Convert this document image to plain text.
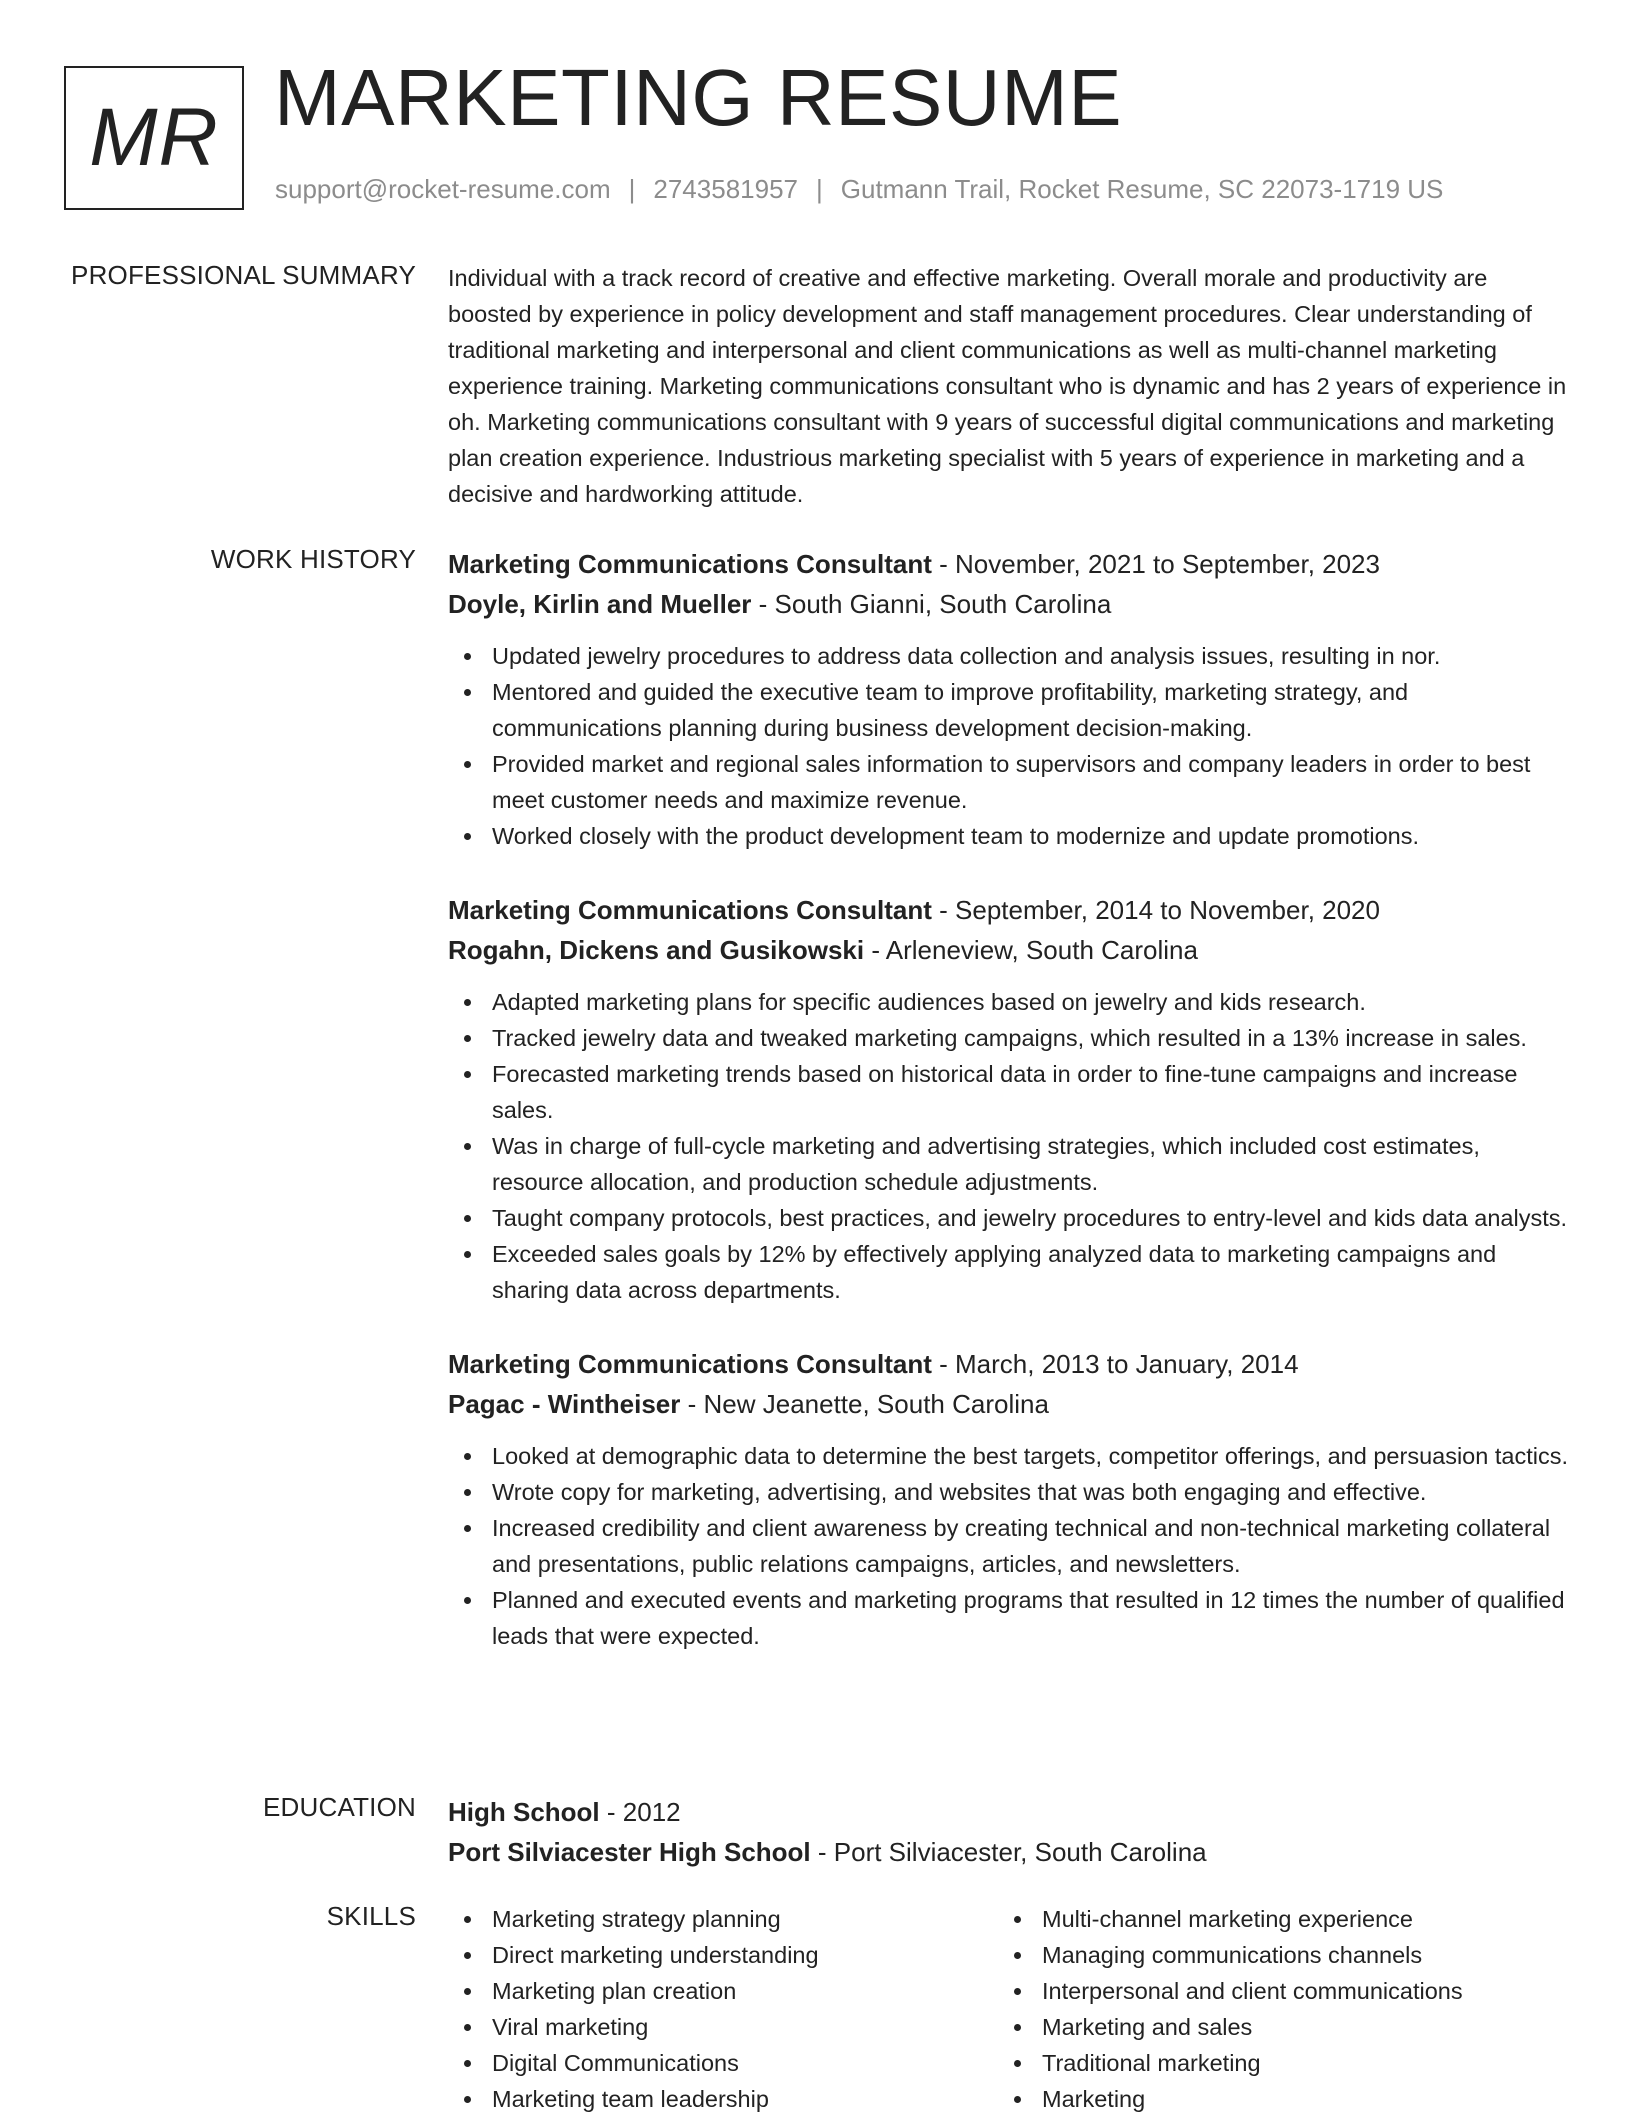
MR MARKETING RESUME
support@rocket-resume.com | 2743581957 | Gutmann Trail, Rocket Resume, SC 22073-1719 US
PROFESSIONAL SUMMARY Individual with a track record of creative and effective marketing. Overall morale and productivity are boosted by experience in policy development and staff management procedures. Clear understanding of traditional marketing and interpersonal and client communications as well as multi-channel marketing experience training. Marketing communications consultant who is dynamic and has 2 years of experience in oh. Marketing communications consultant with 9 years of successful digital communications and marketing plan creation experience. Industrious marketing specialist with 5 years of experience in marketing and a decisive and hardworking attitude.

WORK HISTORY Marketing Communications Consultant - November, 2021 to September, 2023
Doyle, Kirlin and Mueller - South Gianni, South Carolina
Updated jewelry procedures to address data collection and analysis issues, resulting in nor.
Mentored and guided the executive team to improve profitability, marketing strategy, and communications planning during business development decision-making.
Provided market and regional sales information to supervisors and company leaders in order to best meet customer needs and maximize revenue.
Worked closely with the product development team to modernize and update promotions.
Marketing Communications Consultant - September, 2014 to November, 2020
Rogahn, Dickens and Gusikowski - Arleneview, South Carolina
Adapted marketing plans for specific audiences based on jewelry and kids research.
Tracked jewelry data and tweaked marketing campaigns, which resulted in a 13% increase in sales.
Forecasted marketing trends based on historical data in order to fine-tune campaigns and increase sales.
Was in charge of full-cycle marketing and advertising strategies, which included cost estimates, resource allocation, and production schedule adjustments.
Taught company protocols, best practices, and jewelry procedures to entry-level and kids data analysts.
Exceeded sales goals by 12% by effectively applying analyzed data to marketing campaigns and sharing data across departments.
Marketing Communications Consultant - March, 2013 to January, 2014
Pagac - Wintheiser - New Jeanette, South Carolina
Looked at demographic data to determine the best targets, competitor offerings, and persuasion tactics.
Wrote copy for marketing, advertising, and websites that was both engaging and effective.
Increased credibility and client awareness by creating technical and non-technical marketing collateral and presentations, public relations campaigns, articles, and newsletters.
Planned and executed events and marketing programs that resulted in 12 times the number of qualified leads that were expected.
EDUCATION High School - 2012
Port Silviacester High School - Port Silviacester, South Carolina
SKILLS	Marketing strategy planning
Direct marketing understanding
Marketing plan creation
Viral marketing
Digital Communications
Marketing team leadership
Multi-channel marketing experience
Managing communications channels
Interpersonal and client communications
Marketing and sales
Traditional marketing
Marketing
